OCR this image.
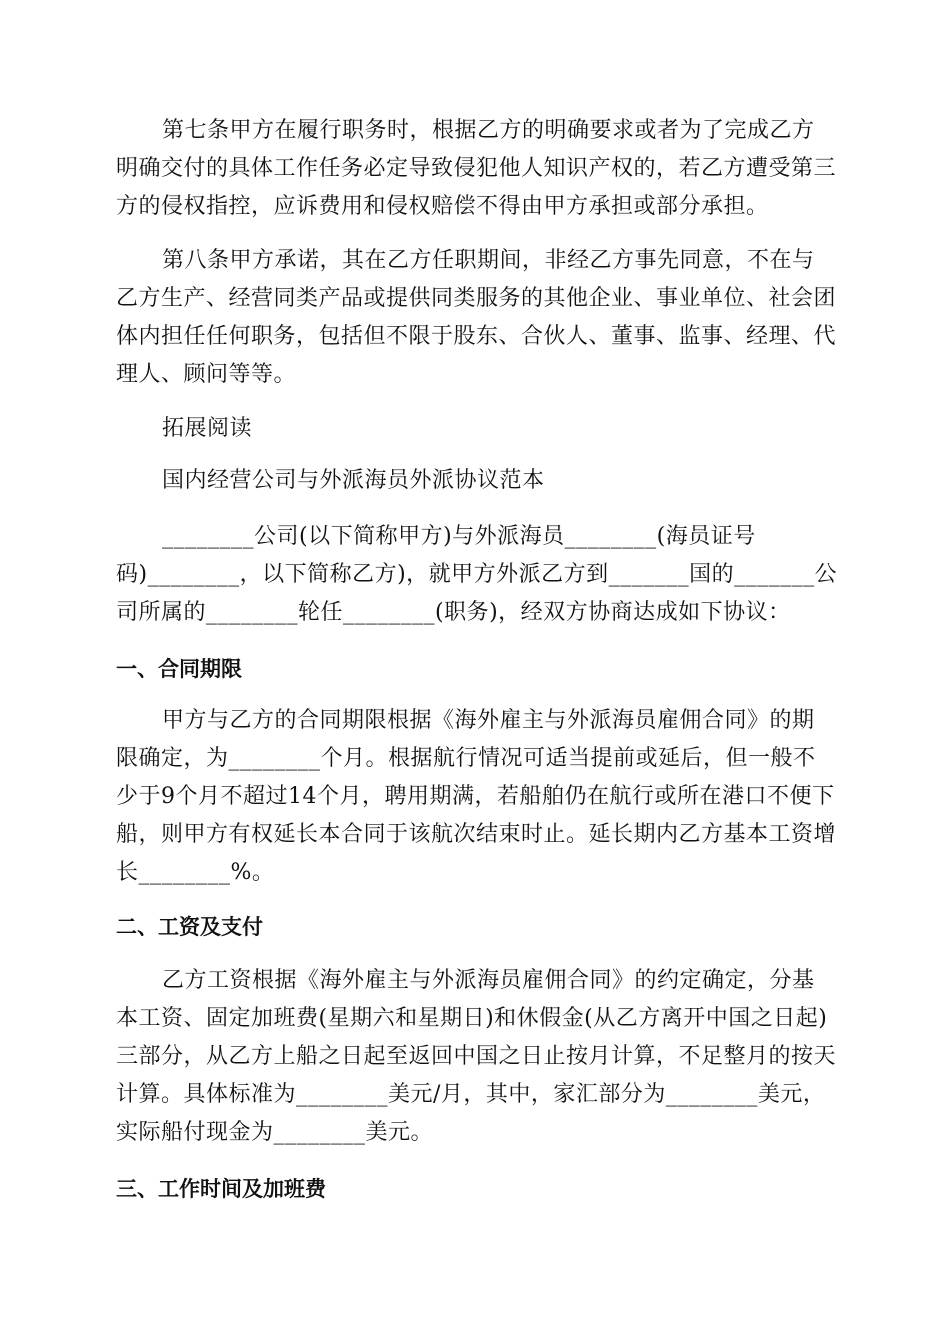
第七条甲方在履行职务时，根据乙方的明确要求或者为了完成乙方明确交付的具体工作任务必定导致侵犯他人知识产权的，若乙方遭受第三方的侵权指控，应诉费用和侵权赔偿不得由甲方承担或部分承担。

第八条甲方承诺，其在乙方任职期间，非经乙方事先同意，不在与乙方生产、经营同类产品或提供同类服务的其他企业、事业单位、社会团体内担任任何职务，包括但不限于股东、合伙人、董事、监事、经理、代理人、顾问等等。

拓展阅读

国内经营公司与外派海员外派协议范本

________公司(以下简称甲方)与外派海员________(海员证号

码)________，以下简称乙方)，就甲方外派乙方到_______国的_______公

司所属的________轮任________(职务)，经双方协商达成如下协议：

一、合同期限

甲方与乙方的合同期限根据《海外雇主与外派海员雇佣合同》的期限确定，为________个月。根据航行情况可适当提前或延后，但一般不少于9个月不超过14个月，聘用期满，若船舶仍在航行或所在港口不便下船，则甲方有权延长本合同于该航次结束时止。延长期内乙方基本工资增长________%。

二、工资及支付

乙方工资根据《海外雇主与外派海员雇佣合同》的约定确定，分基本工资、固定加班费(星期六和星期日)和休假金(从乙方离开中国之日起)三部分，从乙方上船之日起至返回中国之日止按月计算，不足整月的按天计算。具体标准为________美元/月，其中，家汇部分为________美元，实际船付现金为________美元。

三、工作时间及加班费
